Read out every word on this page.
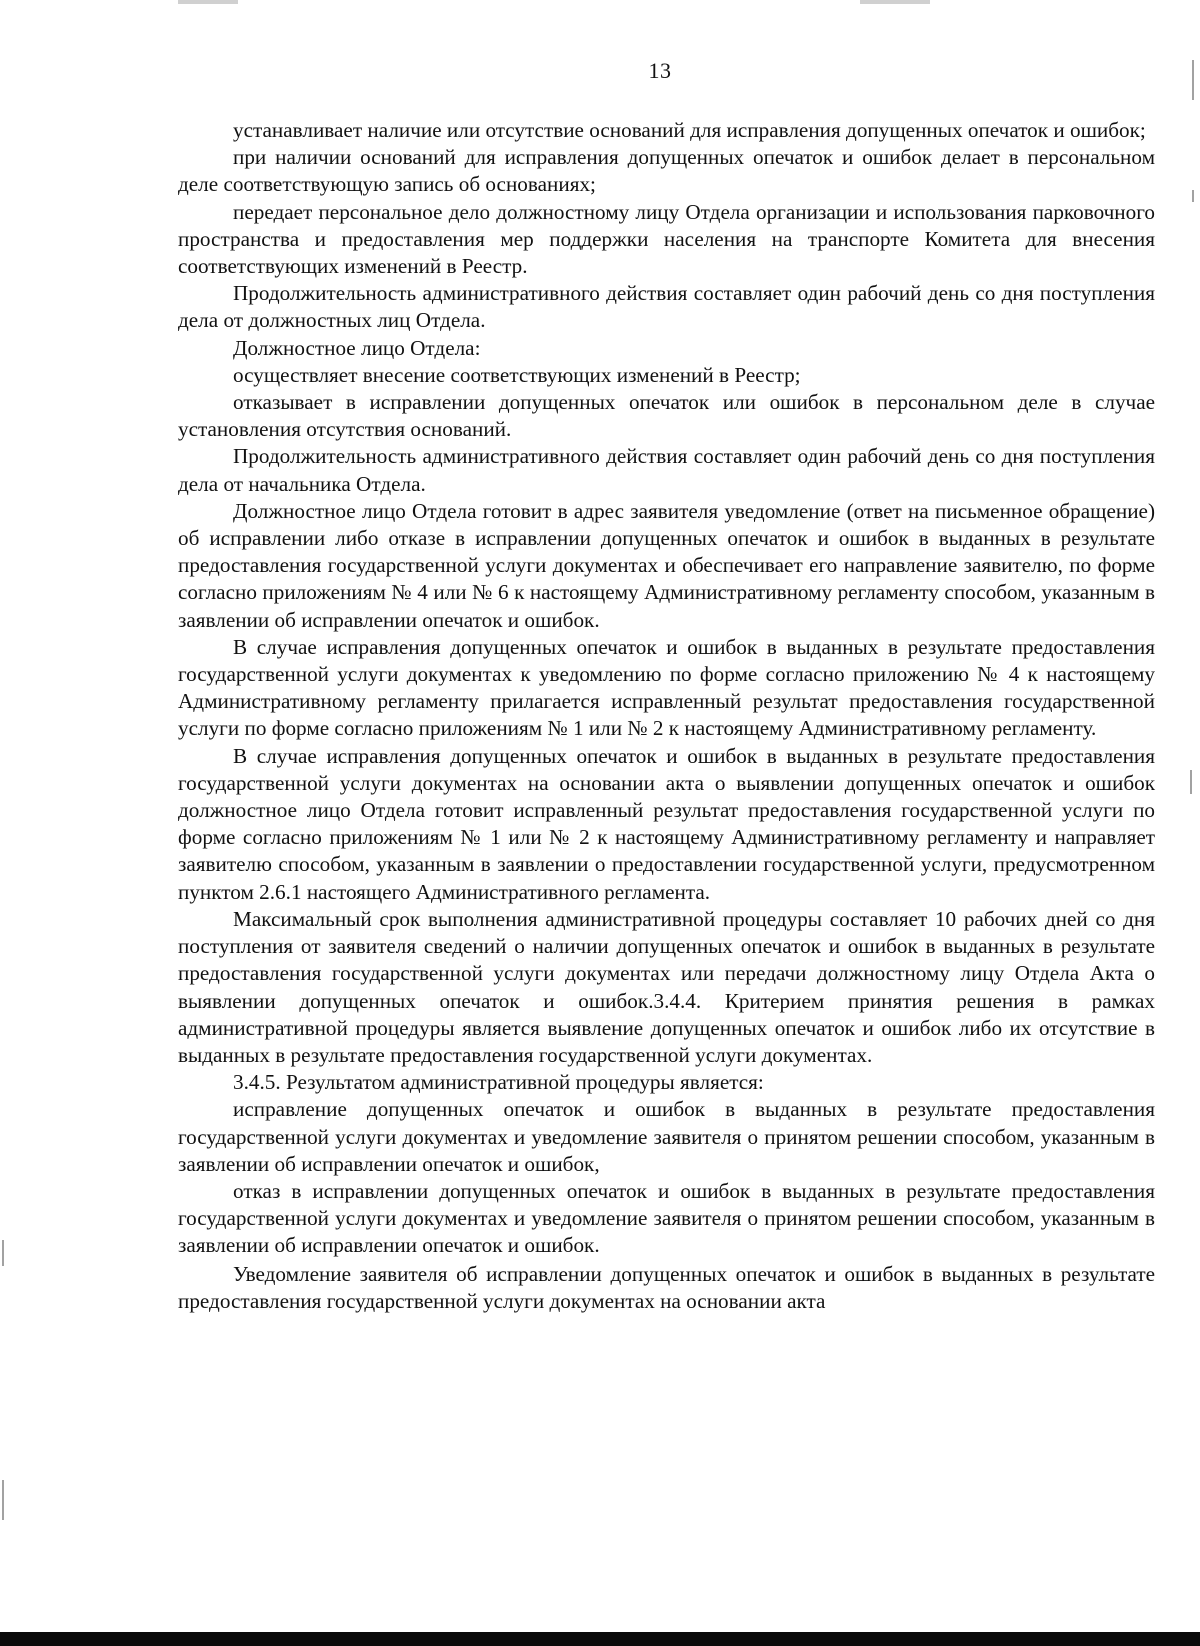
13

устанавливает наличие или отсутствие оснований для исправления допущенных опечаток и ошибок;

при наличии оснований для исправления допущенных опечаток и ошибок делает в персональном деле соответствующую запись об основаниях;

передает персональное дело должностному лицу Отдела организации и использования парковочного пространства и предоставления мер поддержки населения на транспорте Комитета для внесения соответствующих изменений в Реестр.

Продолжительность административного действия составляет один рабочий день со дня поступления дела от должностных лиц Отдела.

Должностное лицо Отдела:

осуществляет внесение соответствующих изменений в Реестр;

отказывает в исправлении допущенных опечаток или ошибок в персональном деле в случае установления отсутствия оснований.

Продолжительность административного действия составляет один рабочий день со дня поступления дела от начальника Отдела.

Должностное лицо Отдела готовит в адрес заявителя уведомление (ответ на письменное обращение) об исправлении либо отказе в исправлении допущенных опечаток и ошибок в выданных в результате предоставления государственной услуги документах и обеспечивает его направление заявителю, по форме согласно приложениям № 4 или № 6 к настоящему Административному регламенту способом, указанным в заявлении об исправлении опечаток и ошибок.

В случае исправления допущенных опечаток и ошибок в выданных в результате предоставления государственной услуги документах к уведомлению по форме согласно приложению № 4 к настоящему Административному регламенту прилагается исправленный результат предоставления государственной услуги по форме согласно приложениям № 1 или № 2 к настоящему Административному регламенту.

В случае исправления допущенных опечаток и ошибок в выданных в результате предоставления государственной услуги документах на основании акта о выявлении допущенных опечаток и ошибок должностное лицо Отдела готовит исправленный результат предоставления государственной услуги по форме согласно приложениям № 1 или № 2 к настоящему Административному регламенту и направляет заявителю способом, указанным в заявлении о предоставлении государственной услуги, предусмотренном пунктом 2.6.1 настоящего Административного регламента.

Максимальный срок выполнения административной процедуры составляет 10 рабочих дней со дня поступления от заявителя сведений о наличии допущенных опечаток и ошибок в выданных в результате предоставления государственной услуги документах или передачи должностному лицу Отдела Акта о выявлении допущенных опечаток и ошибок.3.4.4. Критерием принятия решения в рамках административной процедуры является выявление допущенных опечаток и ошибок либо их отсутствие в выданных в результате предоставления государственной услуги документах.

3.4.5. Результатом административной процедуры является:

исправление допущенных опечаток и ошибок в выданных в результате предоставления государственной услуги документах и уведомление заявителя о принятом решении способом, указанным в заявлении об исправлении опечаток и ошибок,

отказ в исправлении допущенных опечаток и ошибок в выданных в результате предоставления государственной услуги документах и уведомление заявителя о принятом решении способом, указанным в заявлении об исправлении опечаток и ошибок.

Уведомление заявителя об исправлении допущенных опечаток и ошибок в выданных в результате предоставления государственной услуги документах на основании акта
